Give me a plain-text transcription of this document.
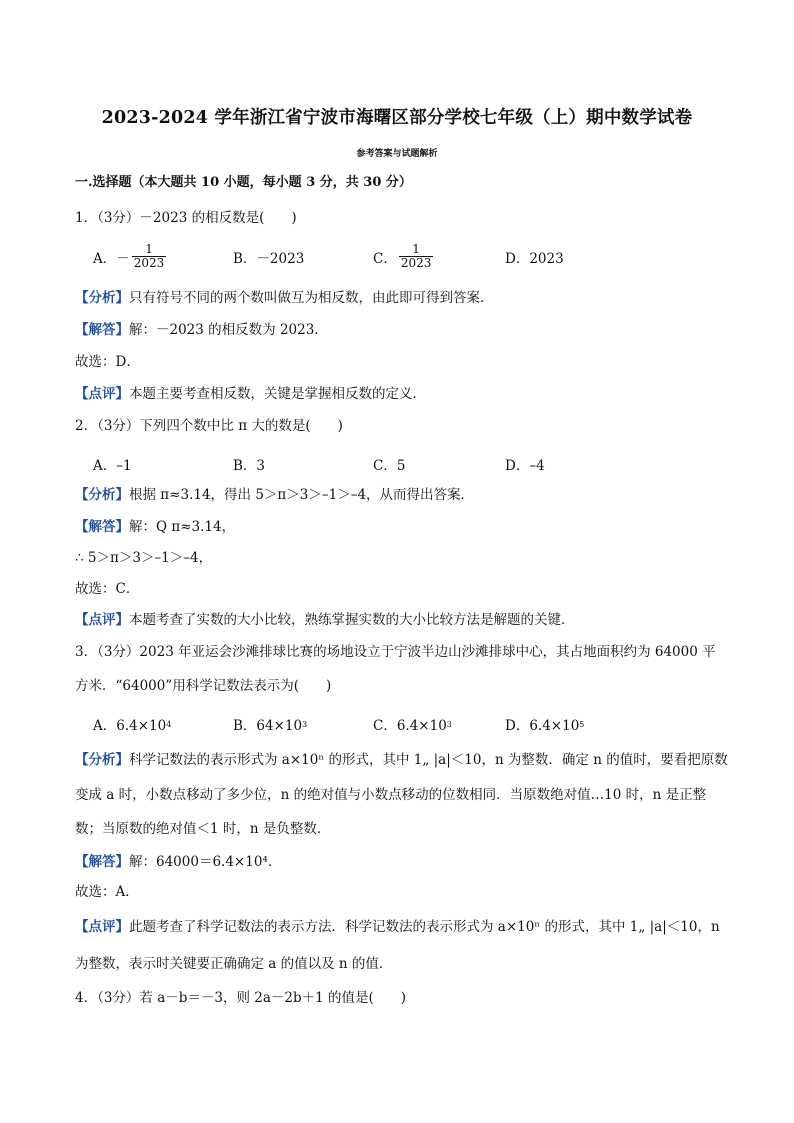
2023-2024 学年浙江省宁波市海曙区部分学校七年级（上）期中数学试卷
参考答案与试题解析
一.选择题（本大题共 10 小题，每小题 3 分，共 30 分）
1．（3分）－2023 的相反数是(　　)
A．－ $\frac{1}{2023}$	B．－2023	C． $\frac{1}{2023}$	D．2023
【分析】只有符号不同的两个数叫做互为相反数，由此即可得到答案．
【解答】解：－2023 的相反数为 2023．
故选：D．
【点评】本题主要考查相反数，关键是掌握相反数的定义．
2．（3分）下列四个数中比 π 大的数是(　　)
A．–1	B．3	C．5	D．–4
【分析】根据 π≈3.14，得出 5＞π＞3＞–1＞–4，从而得出答案．
【解答】解：Q π≈3.14，
∴ 5＞π＞3＞–1＞–4，
故选：C．
【点评】本题考查了实数的大小比较，熟练掌握实数的大小比较方法是解题的关键．
3．（3分）2023 年亚运会沙滩排球比赛的场地设立于宁波半边山沙滩排球中心，其占地面积约为 64000 平
方米．“64000”用科学记数法表示为(　　)
A．6.4×10 4	B．64×10 3	C．6.4×10 3	D．6.4×10 5
【分析】科学记数法的表示形式为 a×10ⁿ 的形式，其中 1„ |a|＜10，n 为整数．确定 n 的值时，要看把原数
变成 a 时，小数点移动了多少位，n 的绝对值与小数点移动的位数相同．当原数绝对值…10 时，n 是正整
数；当原数的绝对值＜1 时，n 是负整数．
【解答】解：64000＝6.4×10⁴．
故选：A．
【点评】此题考查了科学记数法的表示方法．科学记数法的表示形式为 a×10ⁿ 的形式，其中 1„ |a|＜10，n
为整数，表示时关键要正确确定 a 的值以及 n 的值．
4．（3分）若 a－b＝－3，则 2a－2b＋1 的值是(　　)
